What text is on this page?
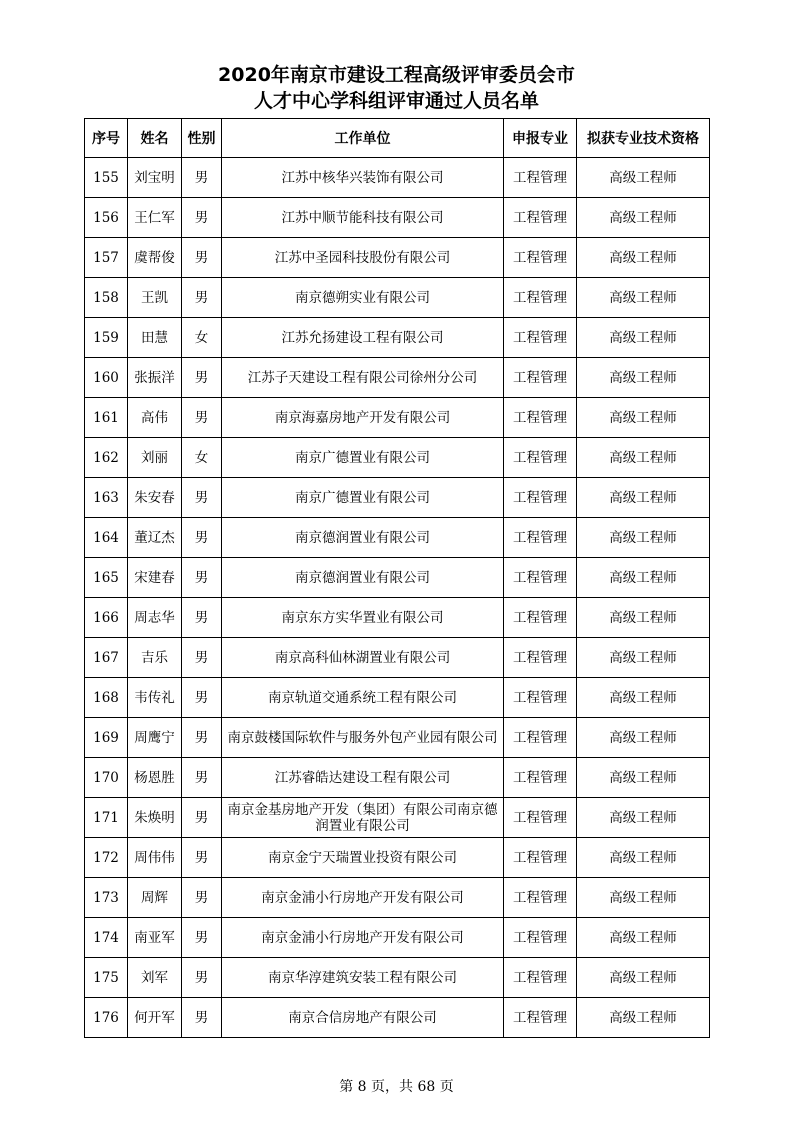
2020年南京市建设工程高级评审委员会市
人才中心学科组评审通过人员名单
序号	姓名	性别	工作单位	申报专业	拟获专业技术资格
155	刘宝明	男	江苏中核华兴装饰有限公司	工程管理	高级工程师
156	王仁军	男	江苏中顺节能科技有限公司	工程管理	高级工程师
157	虞帮俊	男	江苏中圣园科技股份有限公司	工程管理	高级工程师
158	王凯	男	南京德朔实业有限公司	工程管理	高级工程师
159	田慧	女	江苏允扬建设工程有限公司	工程管理	高级工程师
160	张振洋	男	江苏子天建设工程有限公司徐州分公司	工程管理	高级工程师
161	高伟	男	南京海嘉房地产开发有限公司	工程管理	高级工程师
162	刘丽	女	南京广德置业有限公司	工程管理	高级工程师
163	朱安春	男	南京广德置业有限公司	工程管理	高级工程师
164	董辽杰	男	南京德润置业有限公司	工程管理	高级工程师
165	宋建春	男	南京德润置业有限公司	工程管理	高级工程师
166	周志华	男	南京东方实华置业有限公司	工程管理	高级工程师
167	吉乐	男	南京高科仙林湖置业有限公司	工程管理	高级工程师
168	韦传礼	男	南京轨道交通系统工程有限公司	工程管理	高级工程师
169	周鹰宁	男	南京鼓楼国际软件与服务外包产业园有限公司	工程管理	高级工程师
170	杨恩胜	男	江苏睿皓达建设工程有限公司	工程管理	高级工程师
171	朱焕明	男	南京金基房地产开发（集团）有限公司南京德润置业有限公司	工程管理	高级工程师
172	周伟伟	男	南京金宁天瑞置业投资有限公司	工程管理	高级工程师
173	周辉	男	南京金浦小行房地产开发有限公司	工程管理	高级工程师
174	南亚军	男	南京金浦小行房地产开发有限公司	工程管理	高级工程师
175	刘军	男	南京华淳建筑安装工程有限公司	工程管理	高级工程师
176	何开军	男	南京合信房地产有限公司	工程管理	高级工程师
第 8 页，共 68 页
